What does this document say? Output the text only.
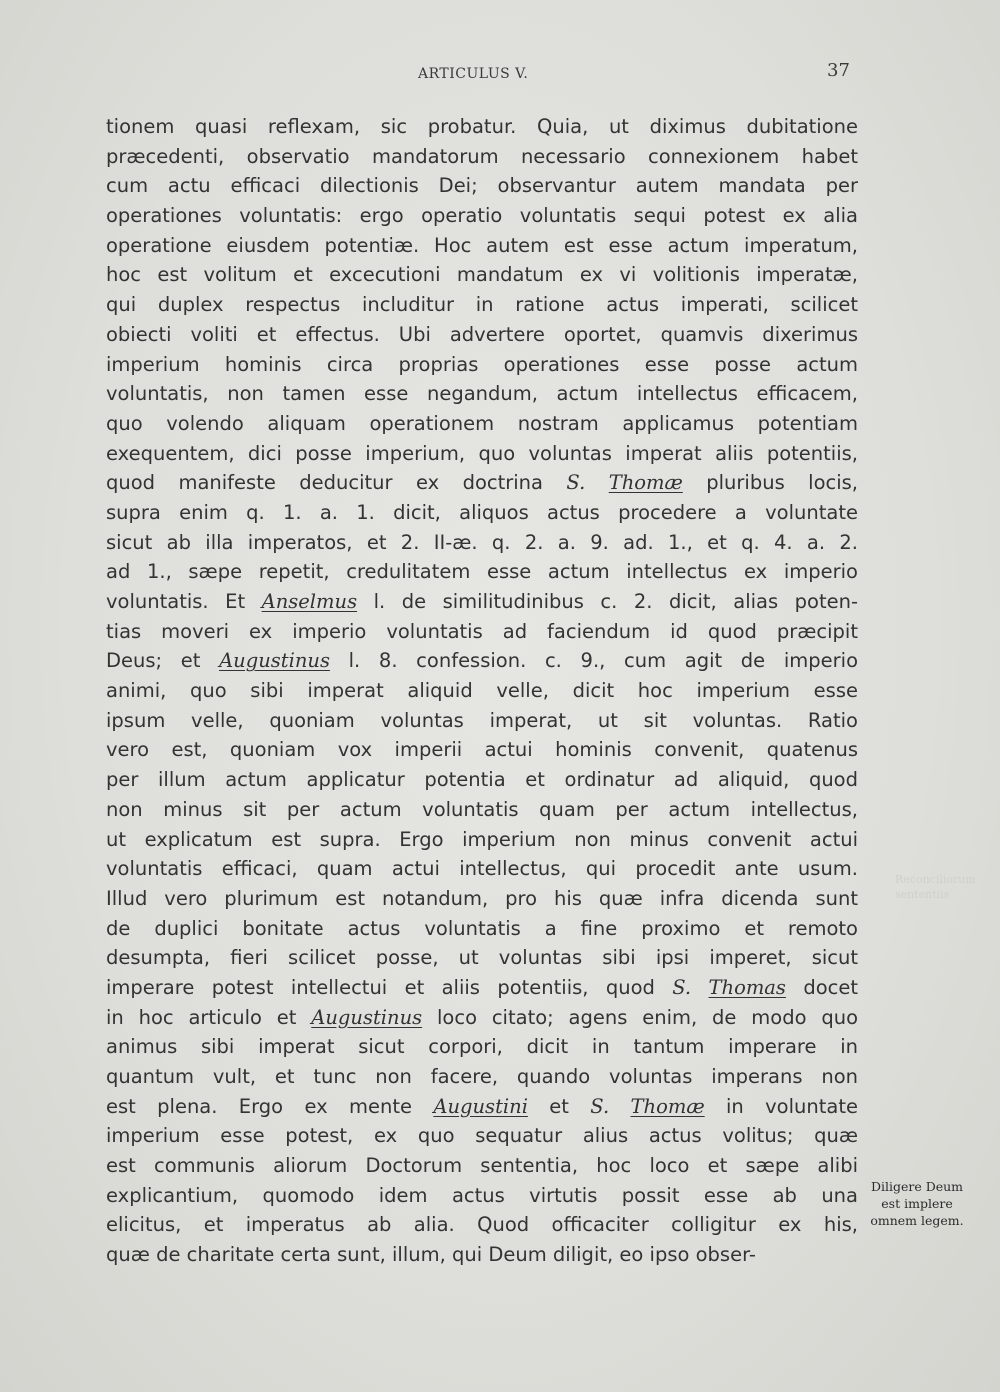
ARTICULUS V.	37
tionem quasi reflexam, sic probatur. Quia, ut diximus dubitatione
præcedenti, observatio mandatorum necessario connexionem habet
cum actu efficaci dilectionis Dei; observantur autem mandata per
operationes voluntatis: ergo operatio voluntatis sequi potest ex alia
operatione eiusdem potentiæ. Hoc autem est esse actum imperatum,
hoc est volitum et excecutioni mandatum ex vi volitionis imperatæ,
qui duplex respectus includitur in ratione actus imperati, scilicet
obiecti voliti et effectus. Ubi advertere oportet, quamvis dixerimus
imperium hominis circa proprias operationes esse posse actum
voluntatis, non tamen esse negandum, actum intellectus efficacem,
quo volendo aliquam operationem nostram applicamus potentiam
exequentem, dici posse imperium, quo voluntas imperat aliis potentiis,
quod manifeste deducitur ex doctrina S. Thomæ pluribus locis,
supra enim q. 1. a. 1. dicit, aliquos actus procedere a voluntate
sicut ab illa imperatos, et 2. II-æ. q. 2. a. 9. ad. 1., et q. 4. a. 2.
ad 1., sæpe repetit, credulitatem esse actum intellectus ex imperio
voluntatis. Et Anselmus l. de similitudinibus c. 2. dicit, alias poten-
tias moveri ex imperio voluntatis ad faciendum id quod præcipit
Deus; et Augustinus l. 8. confession. c. 9., cum agit de imperio
animi, quo sibi imperat aliquid velle, dicit hoc imperium esse
ipsum velle, quoniam voluntas imperat, ut sit voluntas. Ratio
vero est, quoniam vox imperii actui hominis convenit, quatenus
per illum actum applicatur potentia et ordinatur ad aliquid, quod
non minus sit per actum voluntatis quam per actum intellectus,
ut explicatum est supra. Ergo imperium non minus convenit actui
voluntatis efficaci, quam actui intellectus, qui procedit ante usum.
Illud vero plurimum est notandum, pro his quæ infra dicenda sunt
de duplici bonitate actus voluntatis a fine proximo et remoto
desumpta, fieri scilicet posse, ut voluntas sibi ipsi imperet, sicut
imperare potest intellectui et aliis potentiis, quod S. Thomas docet
in hoc articulo et Augustinus loco citato; agens enim, de modo quo
animus sibi imperat sicut corpori, dicit in tantum imperare in
quantum vult, et tunc non facere, quando voluntas imperans non
est plena. Ergo ex mente Augustini et S. Thomæ in voluntate
imperium esse potest, ex quo sequatur alius actus volitus; quæ
est communis aliorum Doctorum sententia, hoc loco et sæpe alibi
explicantium, quomodo idem actus virtutis possit esse ab una
elicitus, et imperatus ab alia. Quod officaciter colligitur ex his,
quæ de charitate certa sunt, illum, qui Deum diligit, eo ipso obser-
Reconciliorum
sententiis
Diligere Deum
est implere
omnem legem.
